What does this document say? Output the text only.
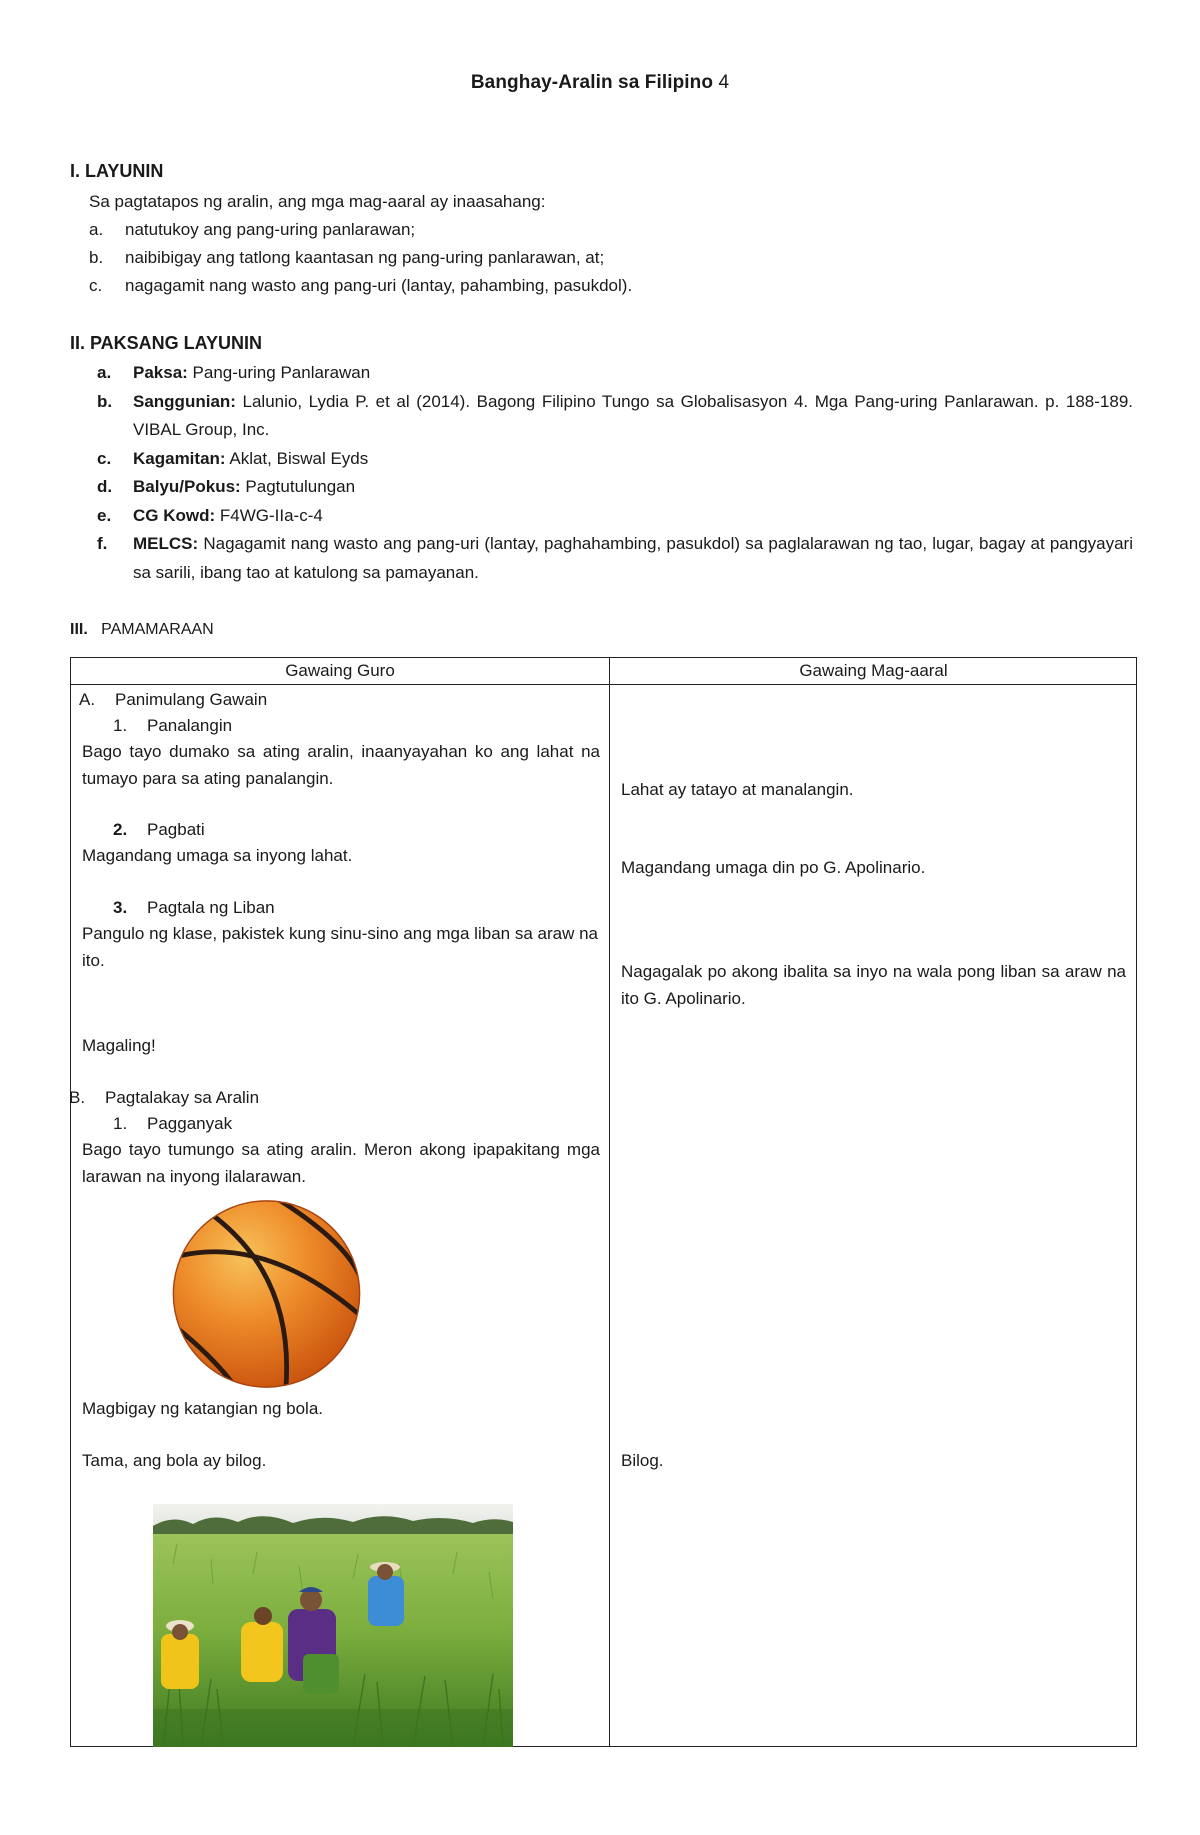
Banghay-Aralin sa Filipino 4
I. LAYUNIN
Sa pagtatapos ng aralin, ang mga mag-aaral ay inaasahang:
a. natutukoy ang pang-uring panlarawan;
b. naibibigay ang tatlong kaantasan ng pang-uring panlarawan, at;
c. nagagamit nang wasto ang pang-uri (lantay, pahambing, pasukdol).
II. PAKSANG LAYUNIN
a. Paksa: Pang-uring Panlarawan
b. Sanggunian: Lalunio, Lydia P. et al (2014). Bagong Filipino Tungo sa Globalisasyon 4. Mga Pang-uring Panlarawan. p. 188-189. VIBAL Group, Inc.
c. Kagamitan: Aklat, Biswal Eyds
d. Balyu/Pokus: Pagtutulungan
e. CG Kowd: F4WG-IIa-c-4
f. MELCS: Nagagamit nang wasto ang pang-uri (lantay, paghahambing, pasukdol) sa paglalarawan ng tao, lugar, bagay at pangyayari sa sarili, ibang tao at katulong sa pamayanan.
III. PAMAMARAAN
Gawaing Guro	Gawaing Mag-aaral
A. Panimulang Gawain
1. Panalangin
Bago tayo dumako sa ating aralin, inaanyayahan ko ang lahat na tumayo para sa ating panalangin.
2. Pagbati
Magandang umaga sa inyong lahat.
3. Pagtala ng Liban
Pangulo ng klase, pakistek kung sinu-sino ang mga liban sa araw na ito.
Magaling!
B. Pagtalakay sa Aralin
1. Pagganyak
Bago tayo tumungo sa ating aralin. Meron akong ipapakitang mga larawan na inyong ilalarawan.
Magbigay ng katangian ng bola.
Tama, ang bola ay bilog.
Lahat ay tatayo at manalangin.
Magandang umaga din po G. Apolinario.
Nagagalak po akong ibalita sa inyo na wala pong liban sa araw na ito G. Apolinario.
Bilog.
